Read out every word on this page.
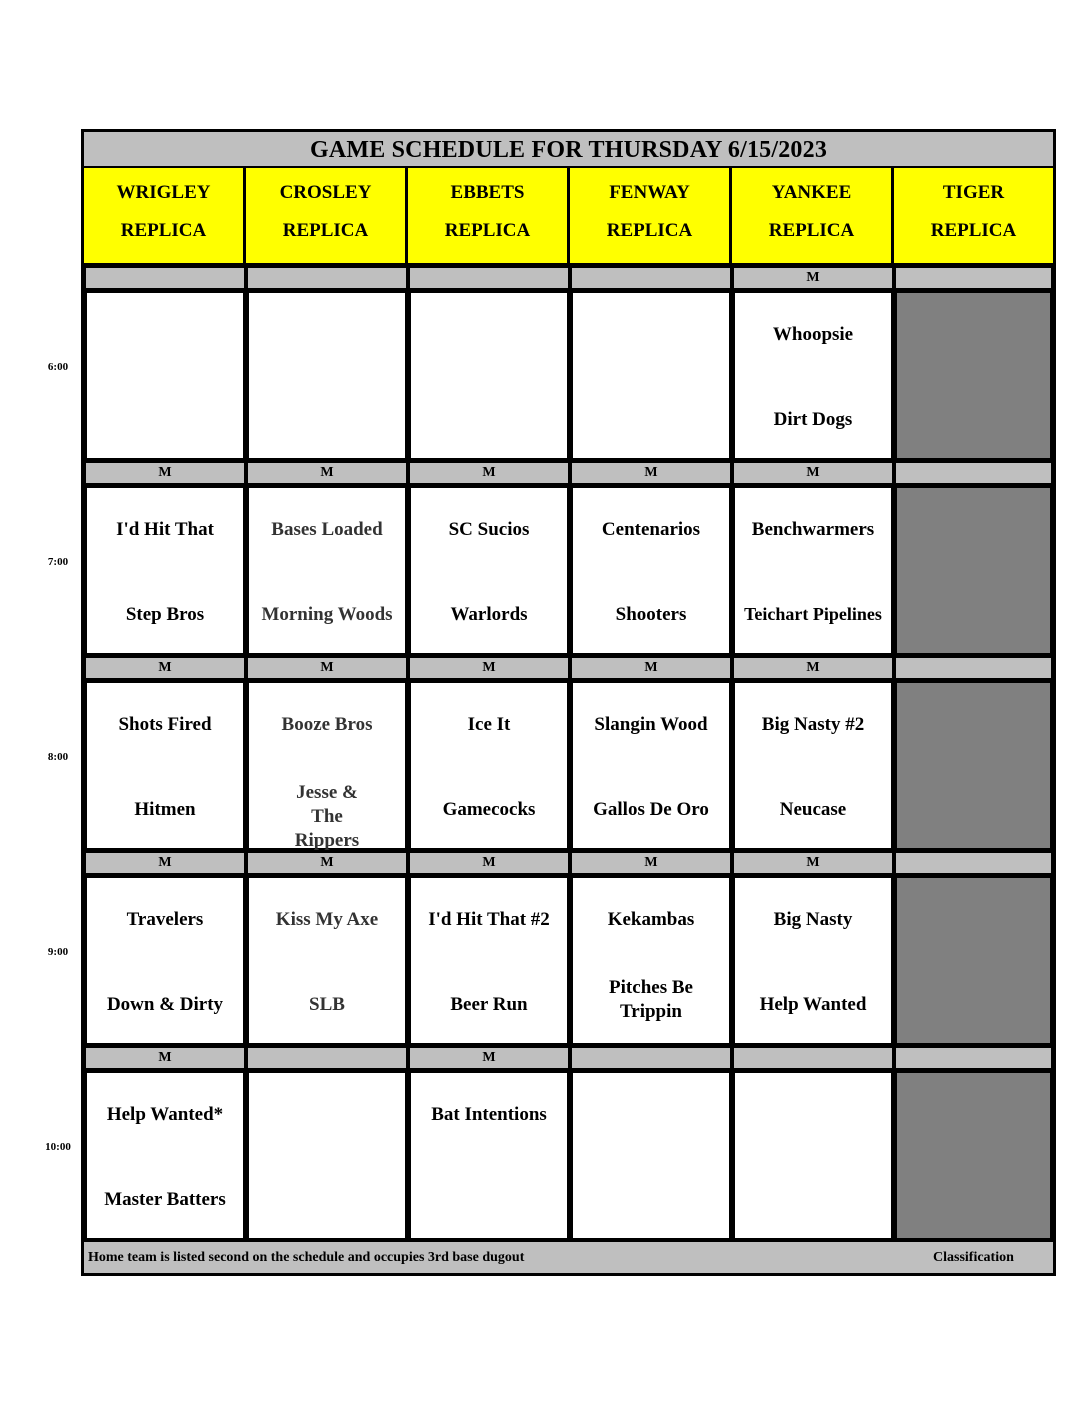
GAME SCHEDULE FOR THURSDAY 6/15/2023
WRIGLEY
REPLICA
CROSLEY
REPLICA
EBBETS
REPLICA
FENWAY
REPLICA
YANKEE
REPLICA
TIGER
REPLICA
M
Whoopsie
Dirt Dogs
M
I'd Hit That
Step Bros
M
Bases Loaded
Morning Woods
M
SC Sucios
Warlords
M
Centenarios
Shooters
M
Benchwarmers
Teichart Pipelines
M
Shots Fired
Hitmen
M
Booze Bros
Jesse & The Rippers
M
Ice It
Gamecocks
M
Slangin Wood
Gallos De Oro
M
Big Nasty #2
Neucase
M
Travelers
Down & Dirty
M
Kiss My Axe
SLB
M
I'd Hit That #2
Beer Run
M
Kekambas
Pitches Be Trippin
M
Big Nasty
Help Wanted
M
Help Wanted*
Master Batters
M
Bat Intentions
Home team is listed second on the schedule and occupies 3rd base dugout	Classification
6:00
7:00
8:00
9:00
10:00
